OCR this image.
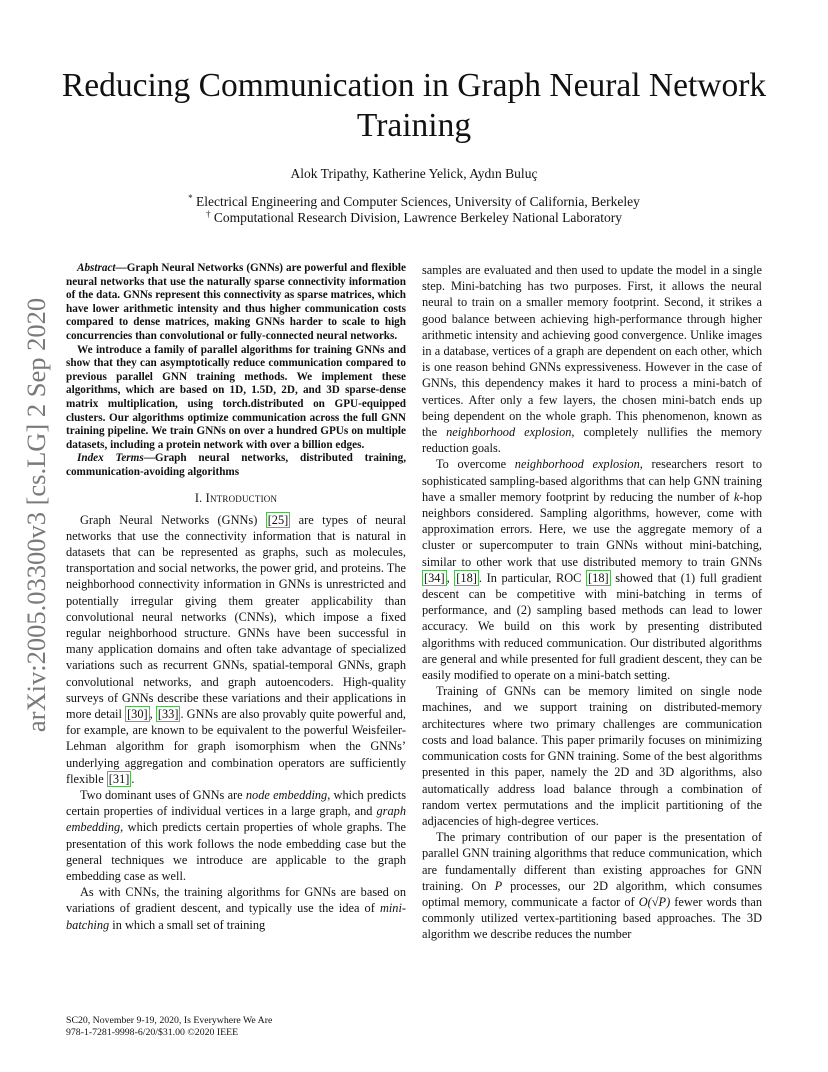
Reducing Communication in Graph Neural Network Training
Alok Tripathy, Katherine Yelick, Aydın Buluç
* Electrical Engineering and Computer Sciences, University of California, Berkeley
† Computational Research Division, Lawrence Berkeley National Laboratory
arXiv:2005.03300v3 [cs.LG] 2 Sep 2020

Abstract—Graph Neural Networks (GNNs) are powerful and flexible neural networks that use the naturally sparse connectivity information of the data. GNNs represent this connectivity as sparse matrices, which have lower arithmetic intensity and thus higher communication costs compared to dense matrices, making GNNs harder to scale to high concurrencies than convolutional or fully-connected neural networks.

We introduce a family of parallel algorithms for training GNNs and show that they can asymptotically reduce communication compared to previous parallel GNN training methods. We implement these algorithms, which are based on 1D, 1.5D, 2D, and 3D sparse-dense matrix multiplication, using torch.distributed on GPU-equipped clusters. Our algorithms optimize communication across the full GNN training pipeline. We train GNNs on over a hundred GPUs on multiple datasets, including a protein network with over a billion edges.

Index Terms—Graph neural networks, distributed training, communication-avoiding algorithms

I. Introduction

Graph Neural Networks (GNNs) [25] are types of neural networks that use the connectivity information that is natural in datasets that can be represented as graphs, such as molecules, transportation and social networks, the power grid, and proteins. The neighborhood connectivity information in GNNs is unrestricted and potentially irregular giving them greater applicability than convolutional neural networks (CNNs), which impose a fixed regular neighborhood structure. GNNs have been successful in many application domains and often take advantage of specialized variations such as recurrent GNNs, spatial-temporal GNNs, graph convolutional networks, and graph autoencoders. High-quality surveys of GNNs describe these variations and their applications in more detail [30] , [33] . GNNs are also provably quite powerful and, for example, are known to be equivalent to the powerful Weisfeiler-Lehman algorithm for graph isomorphism when the GNNs’ underlying aggregation and combination operators are sufficiently flexible [31] .

Two dominant uses of GNNs are node embedding, which predicts certain properties of individual vertices in a large graph, and graph embedding, which predicts certain properties of whole graphs. The presentation of this work follows the node embedding case but the general techniques we introduce are applicable to the graph embedding case as well.

As with CNNs, the training algorithms for GNNs are based on variations of gradient descent, and typically use the idea of mini-batching in which a small set of training

samples are evaluated and then used to update the model in a single step. Mini-batching has two purposes. First, it allows the neural neural to train on a smaller memory footprint. Second, it strikes a good balance between achieving high-performance through higher arithmetic intensity and achieving good convergence. Unlike images in a database, vertices of a graph are dependent on each other, which is one reason behind GNNs expressiveness. However in the case of GNNs, this dependency makes it hard to process a mini-batch of vertices. After only a few layers, the chosen mini-batch ends up being dependent on the whole graph. This phenomenon, known as the neighborhood explosion, completely nullifies the memory reduction goals.

To overcome neighborhood explosion, researchers resort to sophisticated sampling-based algorithms that can help GNN training have a smaller memory footprint by reducing the number of k-hop neighbors considered. Sampling algorithms, however, come with approximation errors. Here, we use the aggregate memory of a cluster or supercomputer to train GNNs without mini-batching, similar to other work that use distributed memory to train GNNs [34] , [18] . In particular, ROC [18] showed that (1) full gradient descent can be competitive with mini-batching in terms of performance, and (2) sampling based methods can lead to lower accuracy. We build on this work by presenting distributed algorithms with reduced communication. Our distributed algorithms are general and while presented for full gradient descent, they can be easily modified to operate on a mini-batch setting.

Training of GNNs can be memory limited on single node machines, and we support training on distributed-memory architectures where two primary challenges are communication costs and load balance. This paper primarily focuses on minimizing communication costs for GNN training. Some of the best algorithms presented in this paper, namely the 2D and 3D algorithms, also automatically address load balance through a combination of random vertex permutations and the implicit partitioning of the adjacencies of high-degree vertices.

The primary contribution of our paper is the presentation of parallel GNN training algorithms that reduce communication, which are fundamentally different than existing approaches for GNN training. On P processes, our 2D algorithm, which consumes optimal memory, communicate a factor of O(√P) fewer words than commonly utilized vertex-partitioning based approaches. The 3D algorithm we describe reduces the number

SC20, November 9-19, 2020, Is Everywhere We Are
978-1-7281-9998-6/20/$31.00 ©2020 IEEE
